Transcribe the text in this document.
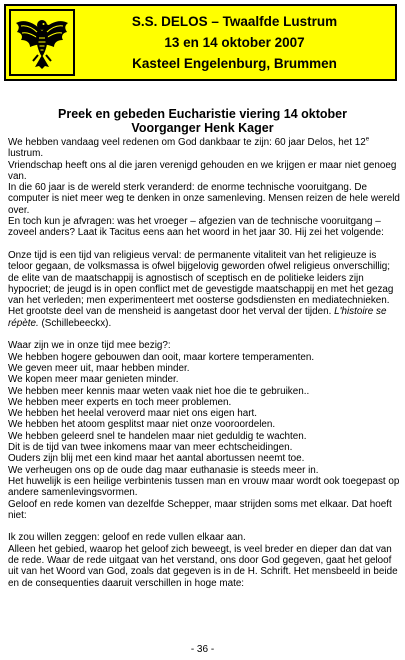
S.S. DELOS – Twaalfde Lustrum
13 en 14 oktober 2007
Kasteel Engelenburg, Brummen
Preek en gebeden Eucharistie viering 14 oktober
Voorganger Henk Kager

We hebben vandaag veel redenen om God dankbaar te zijn: 60 jaar Delos, het 12e lustrum.

Vriendschap heeft ons al die jaren verenigd gehouden en we krijgen er maar niet genoeg van.

In die 60 jaar is de wereld sterk veranderd: de enorme technische vooruitgang. De computer is niet meer weg te denken in onze samenleving. Mensen reizen de hele wereld over.

En toch kun je afvragen: was het vroeger – afgezien van de technische vooruitgang – zoveel anders? Laat ik Tacitus eens aan het woord in het jaar 30. Hij zei het volgende:

Onze tijd is een tijd van religieus verval: de permanente vitaliteit van het religieuze is teloor gegaan, de volksmassa is ofwel bijgelovig geworden ofwel religieus onverschillig; de elite van de maatschappij is agnostisch of sceptisch en de politieke leiders zijn hypocriet; de jeugd is in open conflict met de gevestigde maatschappij en met het gezag van het verleden; men experimenteert met oosterse godsdiensten en mediatechnieken. Het grootste deel van de mensheid is aangetast door het verval der tijden. L'histoire se répète. (Schillebeeckx).

Waar zijn we in onze tijd mee bezig?:

We hebben hogere gebouwen dan ooit, maar kortere temperamenten.

We geven meer uit, maar hebben minder.

We kopen meer maar genieten minder.

We hebben meer kennis maar weten vaak niet hoe die te gebruiken..

We hebben meer experts en toch meer problemen.

We hebben het heelal veroverd maar niet ons eigen hart.

We hebben het atoom gesplitst maar niet onze vooroordelen.

We hebben geleerd snel te handelen maar niet geduldig te wachten.

Dit is de tijd van twee inkomens maar van meer echtscheidingen.

Ouders zijn blij met een kind maar het aantal abortussen neemt toe.

We verheugen ons op de oude dag maar euthanasie is steeds meer in.

Het huwelijk is een heilige verbintenis tussen man en vrouw maar wordt ook toegepast op andere samenlevingsvormen.

Geloof en rede komen van dezelfde Schepper, maar strijden soms met elkaar. Dat hoeft niet:

Ik zou willen zeggen: geloof en rede vullen elkaar aan.

Alleen het gebied, waarop het geloof zich beweegt, is veel breder en dieper dan dat van de rede. Waar de rede uitgaat van het verstand, ons door God gegeven, gaat het geloof uit van het Woord van God, zoals dat gegeven is in de H. Schrift. Het mensbeeld in beide en de consequenties daaruit verschillen in hoge mate:

- 36 -
